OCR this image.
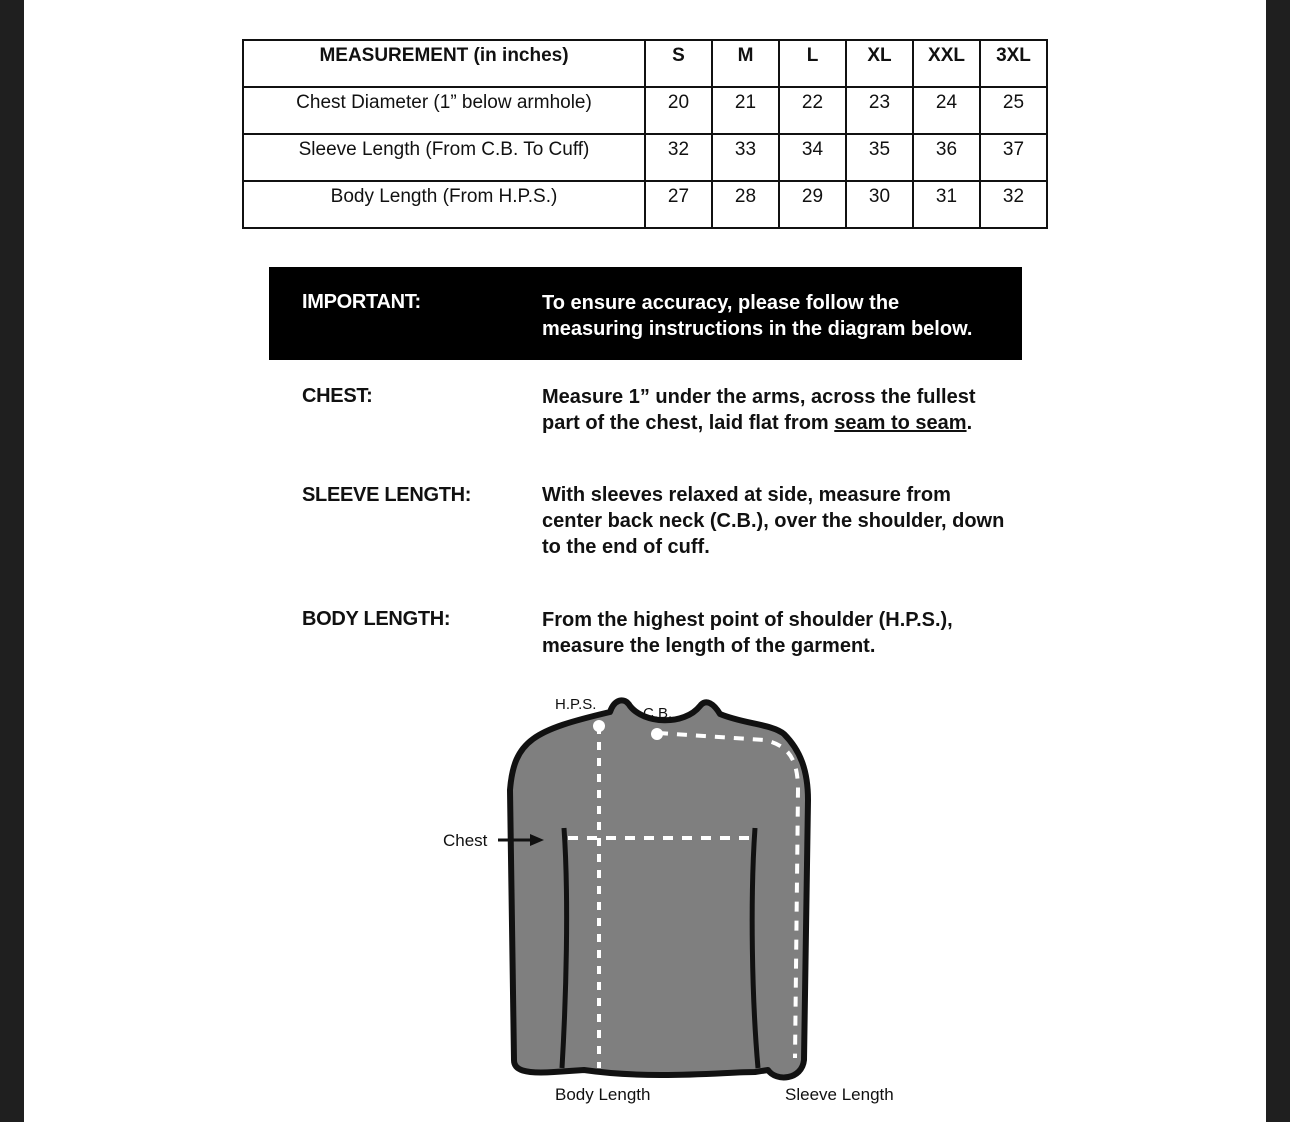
MEASUREMENT (in inches)	S	M	L	XL	XXL	3XL
Chest Diameter (1” below armhole)	20	21	22	23	24	25
Sleeve Length (From C.B. To Cuff)	32	33	34	35	36	37
Body Length (From H.P.S.)	27	28	29	30	31	32
IMPORTANT:	To ensure accuracy, please follow the
measuring instructions in the diagram below.
CHEST:	Measure 1” under the arms, across the fullest
part of the chest, laid flat from seam to seam.
SLEEVE LENGTH:	With sleeves relaxed at side, measure from
center back neck (C.B.), over the shoulder, down
to the end of cuff.
BODY LENGTH:	From the highest point of shoulder (H.P.S.),
measure the length of the garment.
H.P.S.
C.B.
Chest
Body Length	Sleeve Length
